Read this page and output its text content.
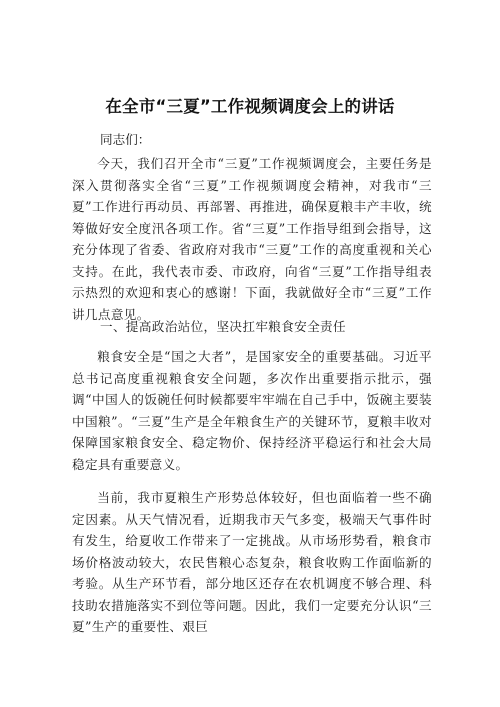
在全市“三夏”工作视频调度会上的讲话
同志们：

今天，我们召开全市“三夏”工作视频调度会，主要任务是深入贯彻落实全省“三夏”工作视频调度会精神，对我市“三夏”工作进行再动员、再部署、再推进，确保夏粮丰产丰收，统筹做好安全度汛各项工作。省“三夏”工作指导组到会指导，这充分体现了省委、省政府对我市“三夏”工作的高度重视和关心支持。在此，我代表市委、市政府，向省“三夏”工作指导组表示热烈的欢迎和衷心的感谢！下面，我就做好全市“三夏”工作讲几点意见。

一、提高政治站位，坚决扛牢粮食安全责任

粮食安全是“国之大者”，是国家安全的重要基础。习近平总书记高度重视粮食安全问题，多次作出重要指示批示，强调“中国人的饭碗任何时候都要牢牢端在自己手中，饭碗主要装中国粮”。“三夏”生产是全年粮食生产的关键环节，夏粮丰收对保障国家粮食安全、稳定物价、保持经济平稳运行和社会大局稳定具有重要意义。

当前，我市夏粮生产形势总体较好，但也面临着一些不确定因素。从天气情况看，近期我市天气多变，极端天气事件时有发生，给夏收工作带来了一定挑战。从市场形势看，粮食市场价格波动较大，农民售粮心态复杂，粮食收购工作面临新的考验。从生产环节看，部分地区还存在农机调度不够合理、科技助农措施落实不到位等问题。因此，我们一定要充分认识“三夏”生产的重要性、艰巨
